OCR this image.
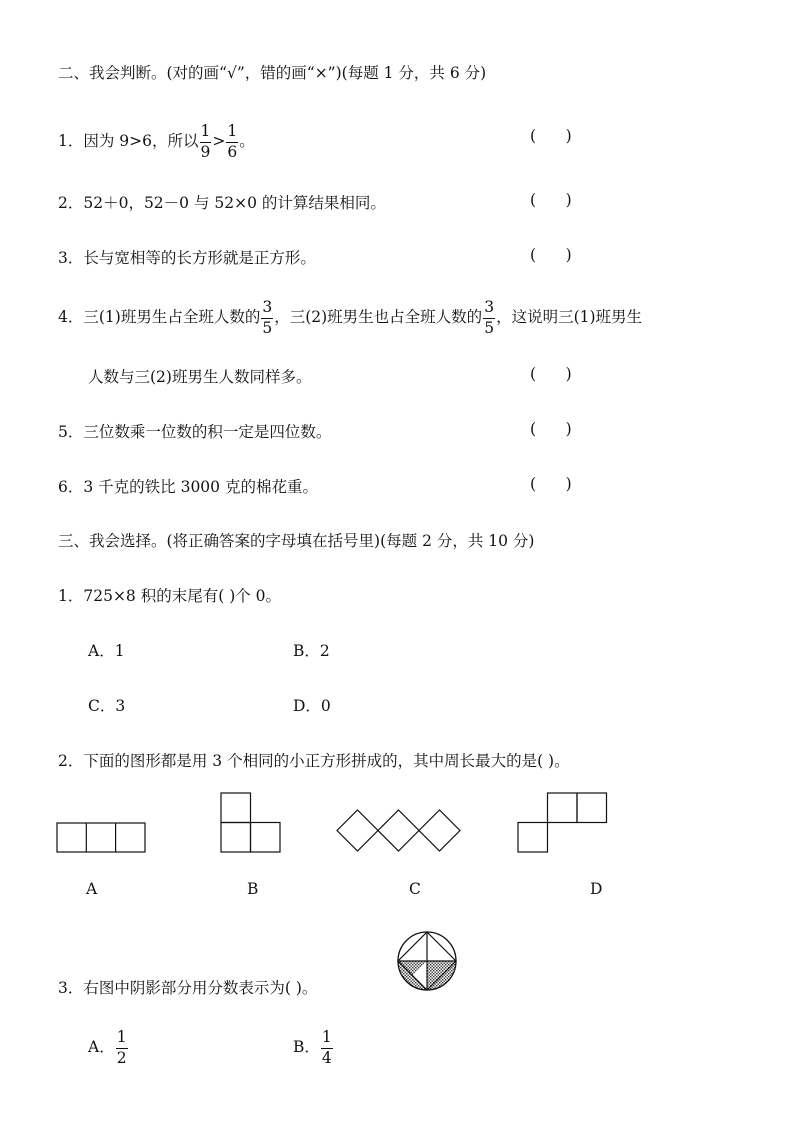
二、我会判断。(对的画“√”，错的画“×”)(每题 1 分，共 6 分)
1．因为 9>6，所以 $\frac{1}{9} > \frac{1}{6}$ 。	(      )
2．52＋0，52－0 与 52×0 的计算结果相同。	(      )
3．长与宽相等的长方形就是正方形。	(      )
4．三(1)班男生占全班人数的 $\frac{3}{5}$ ，三(2)班男生也占全班人数的 $\frac{3}{5}$ ，这说明三(1)班男生
人数与三(2)班男生人数同样多。	(      )
5．三位数乘一位数的积一定是四位数。	(      )
6．3 千克的铁比 3000 克的棉花重。	(      )
三、我会选择。(将正确答案的字母填在括号里)(每题 2 分，共 10 分)
1．725×8 积的末尾有( )个 0。
A．1	B．2
C．3	D．0
2．下面的图形都是用 3 个相同的小正方形拼成的，其中周长最大的是( )。
A	B	C	D
3．右图中阴影部分用分数表示为( )。
A． $\frac{1}{2}$	B． $\frac{1}{4}$
